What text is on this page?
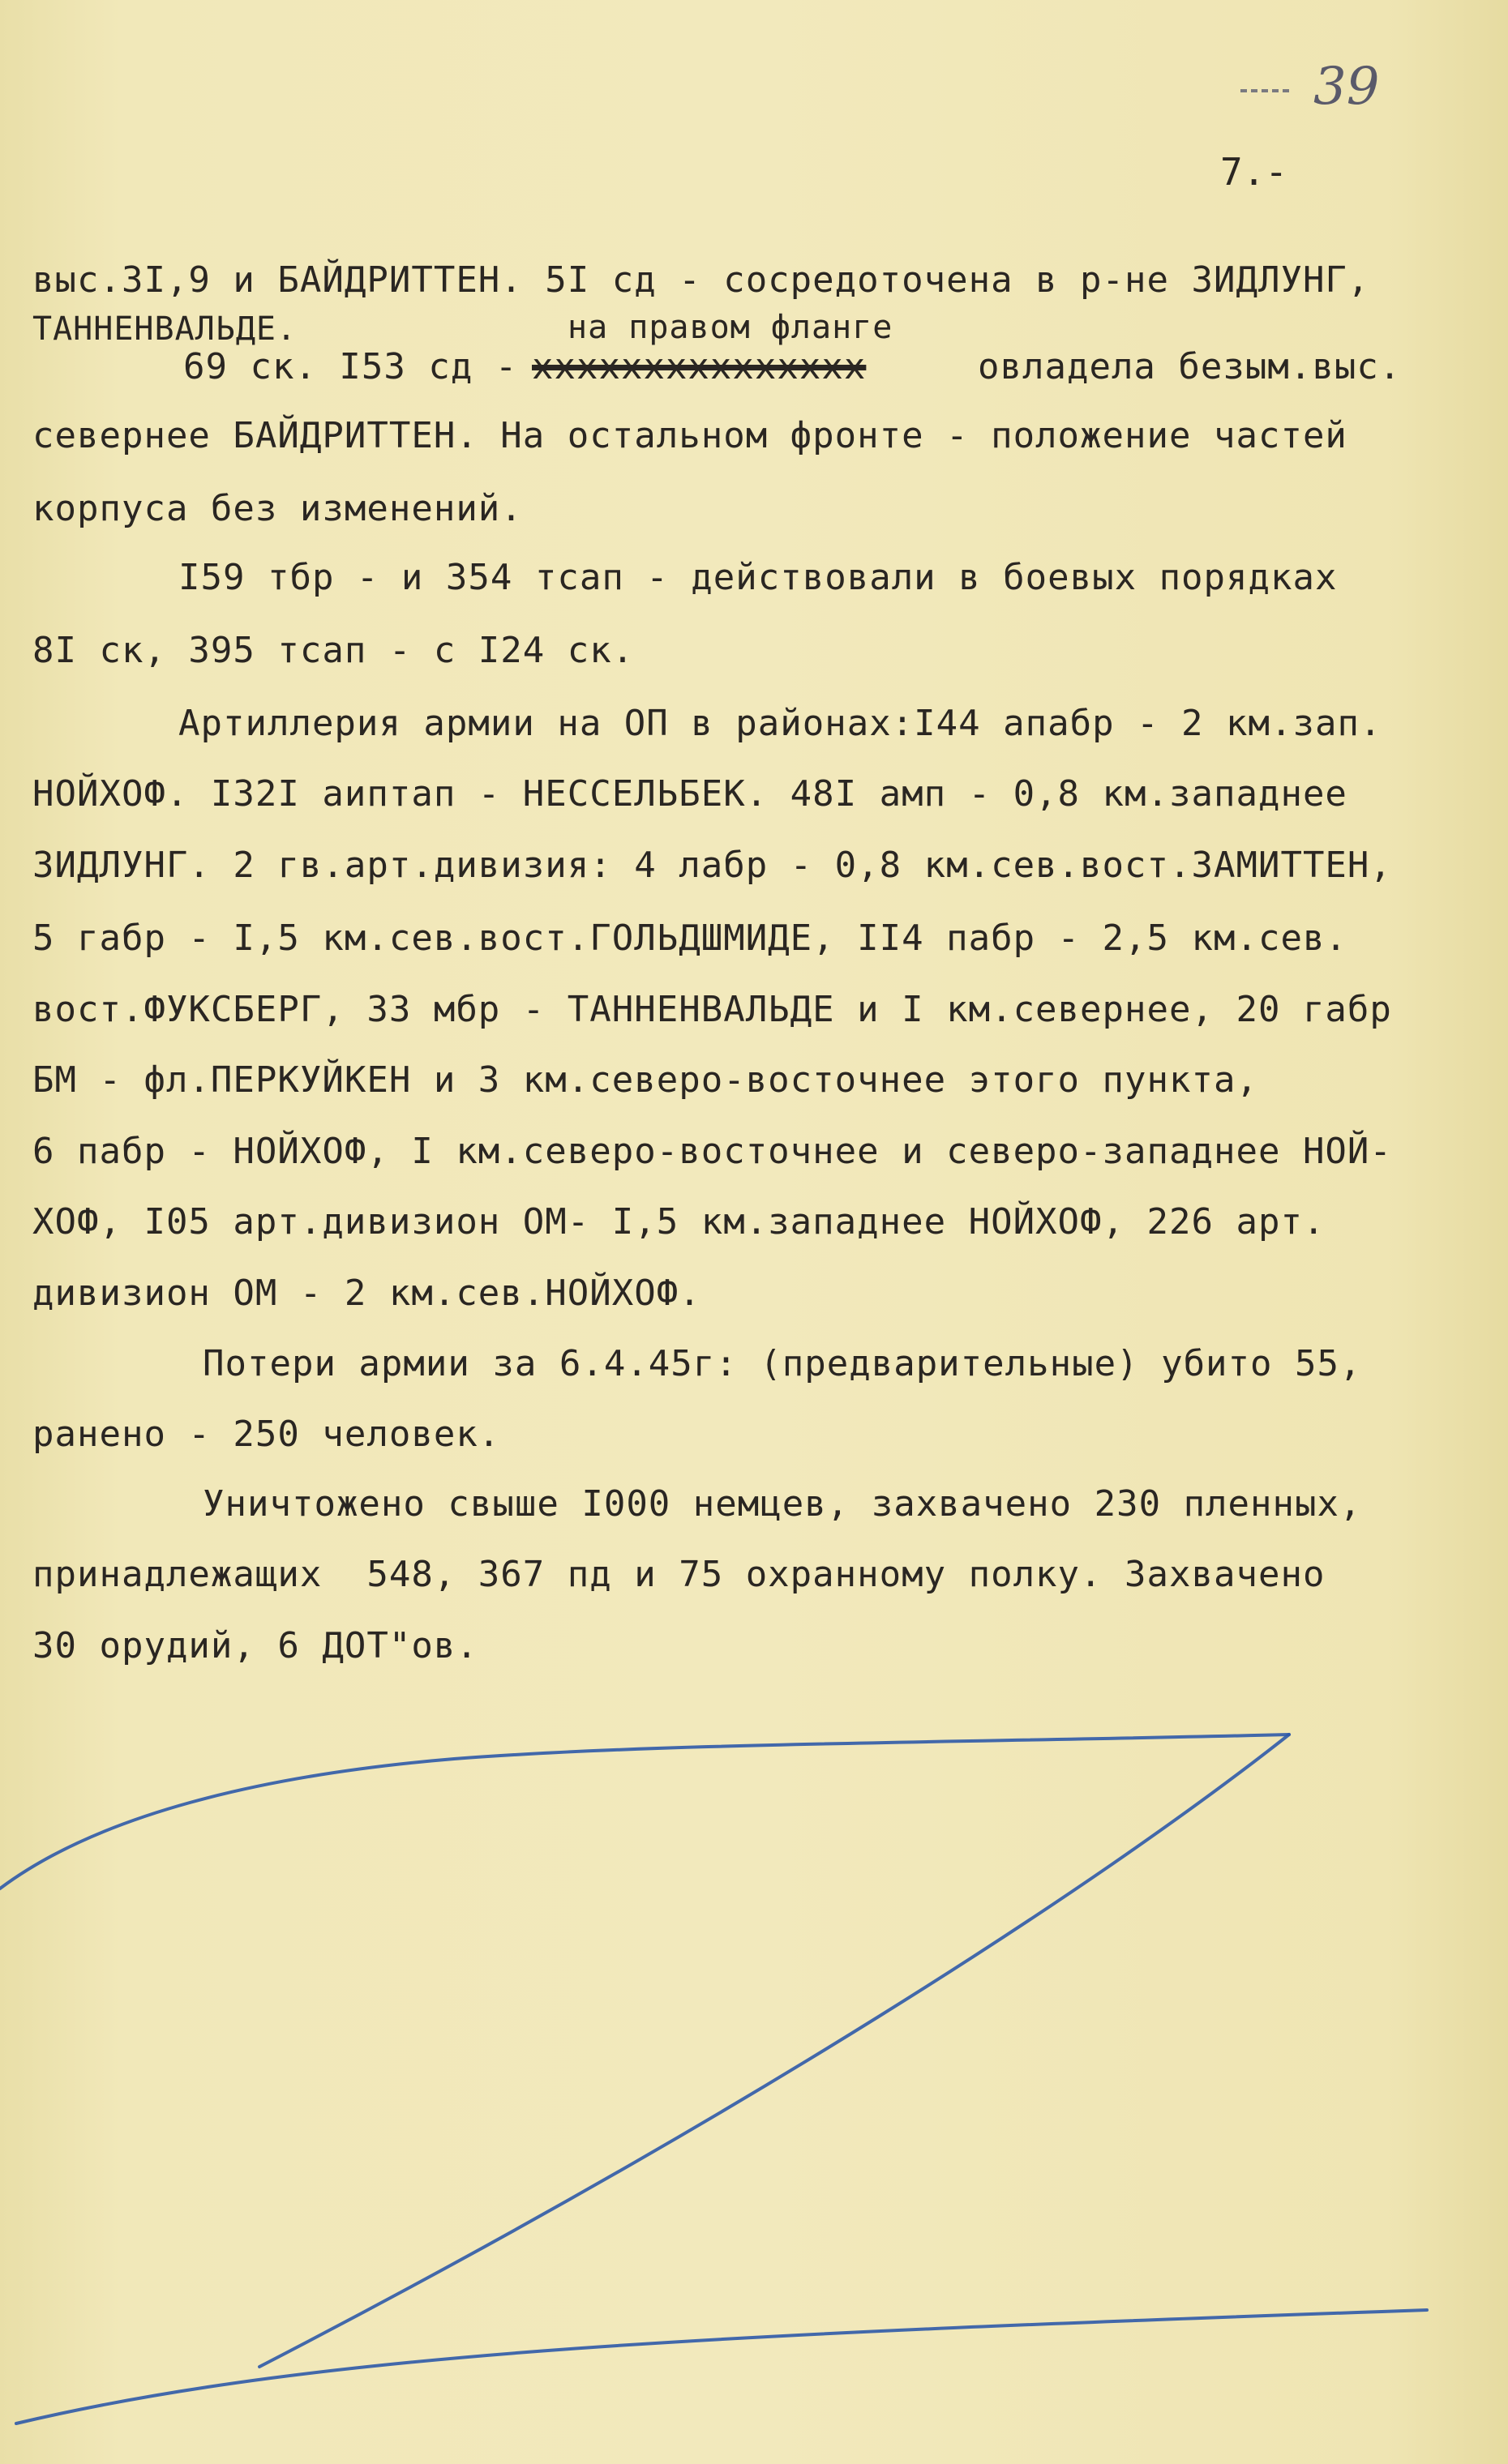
39
7.-
выс.3I,9 и БАЙДРИТТЕН. 5I сд - сосредоточена в р-не ЗИДЛУНГ,
ТАННЕНВАЛЬДЕ.	на правом фланге
69 ск. I53 сд - ххххххххххххххх	овладела безым.выс.
севернее БАЙДРИТТЕН. На остальном фронте - положение частей
корпуса без изменений.
I59 тбр - и 354 тсап - действовали в боевых порядках
8I ск, 395 тсап - с I24 ск.
Артиллерия армии на ОП в районах:I44 апабр - 2 км.зап.
НОЙХОФ. I32I аиптап - НЕССЕЛЬБЕК. 48I амп - 0,8 км.западнее
ЗИДЛУНГ. 2 гв.арт.дивизия: 4 лабр - 0,8 км.сев.вост.ЗАМИТТЕН,
5 габр - I,5 км.сев.вост.ГОЛЬДШМИДЕ, II4 пабр - 2,5 км.сев.
вост.ФУКСБЕРГ, 33 мбр - ТАННЕНВАЛЬДЕ и I км.севернее, 20 габр
БМ - фл.ПЕРКУЙКЕН и 3 км.северо-восточнее этого пункта,
6 пабр - НОЙХОФ, I км.северо-восточнее и северо-западнее НОЙ-
ХОФ, I05 арт.дивизион ОМ- I,5 км.западнее НОЙХОФ, 226 арт.
дивизион ОМ - 2 км.сев.НОЙХОФ.
Потери армии за 6.4.45г: (предварительные) убито 55,
ранено - 250 человек.
Уничтожено свыше I000 немцев, захвачено 230 пленных,
принадлежащих  548, 367 пд и 75 охранному полку. Захвачено
30 орудий, 6 ДОТ"ов.
